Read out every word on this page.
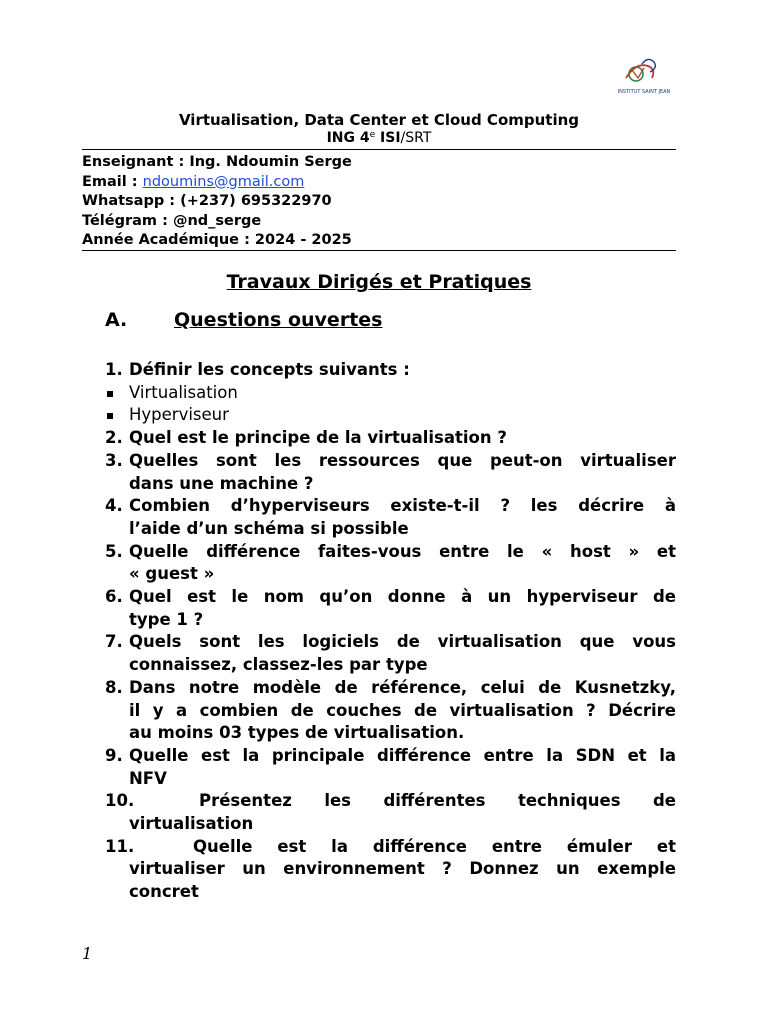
INSTITUT SAINT JEAN
Virtualisation, Data Center et Cloud Computing
ING 4e ISI/SRT
Enseignant : Ing. Ndoumin Serge
Email : ndoumins@gmail.com
Whatsapp : (+237) 695322970
Télégram : @nd_serge
Année Académique : 2024 - 2025
Travaux Dirigés et Pratiques
A. Questions ouvertes
1. Définir les concepts suivants :
Virtualisation
Hyperviseur
2. Quel est le principe de la virtualisation ?
3. Quelles sont les ressources que peut-on virtualiser
dans une machine ?
4. Combien d’hyperviseurs existe-t-il ? les décrire à
l’aide d’un schéma si possible
5. Quelle différence faites-vous entre le « host » et
« guest »
6. Quel est le nom qu’on donne à un hyperviseur de
type 1 ?
7. Quels sont les logiciels de virtualisation que vous
connaissez, classez-les par type
8. Dans notre modèle de référence, celui de Kusnetzky,
il y a combien de couches de virtualisation ? Décrire
au moins 03 types de virtualisation.
9. Quelle est la principale différence entre la SDN et la
NFV
10.	Présentez les différentes techniques de
virtualisation
11.	Quelle est la différence entre émuler et
virtualiser un environnement ? Donnez un exemple
concret
1
